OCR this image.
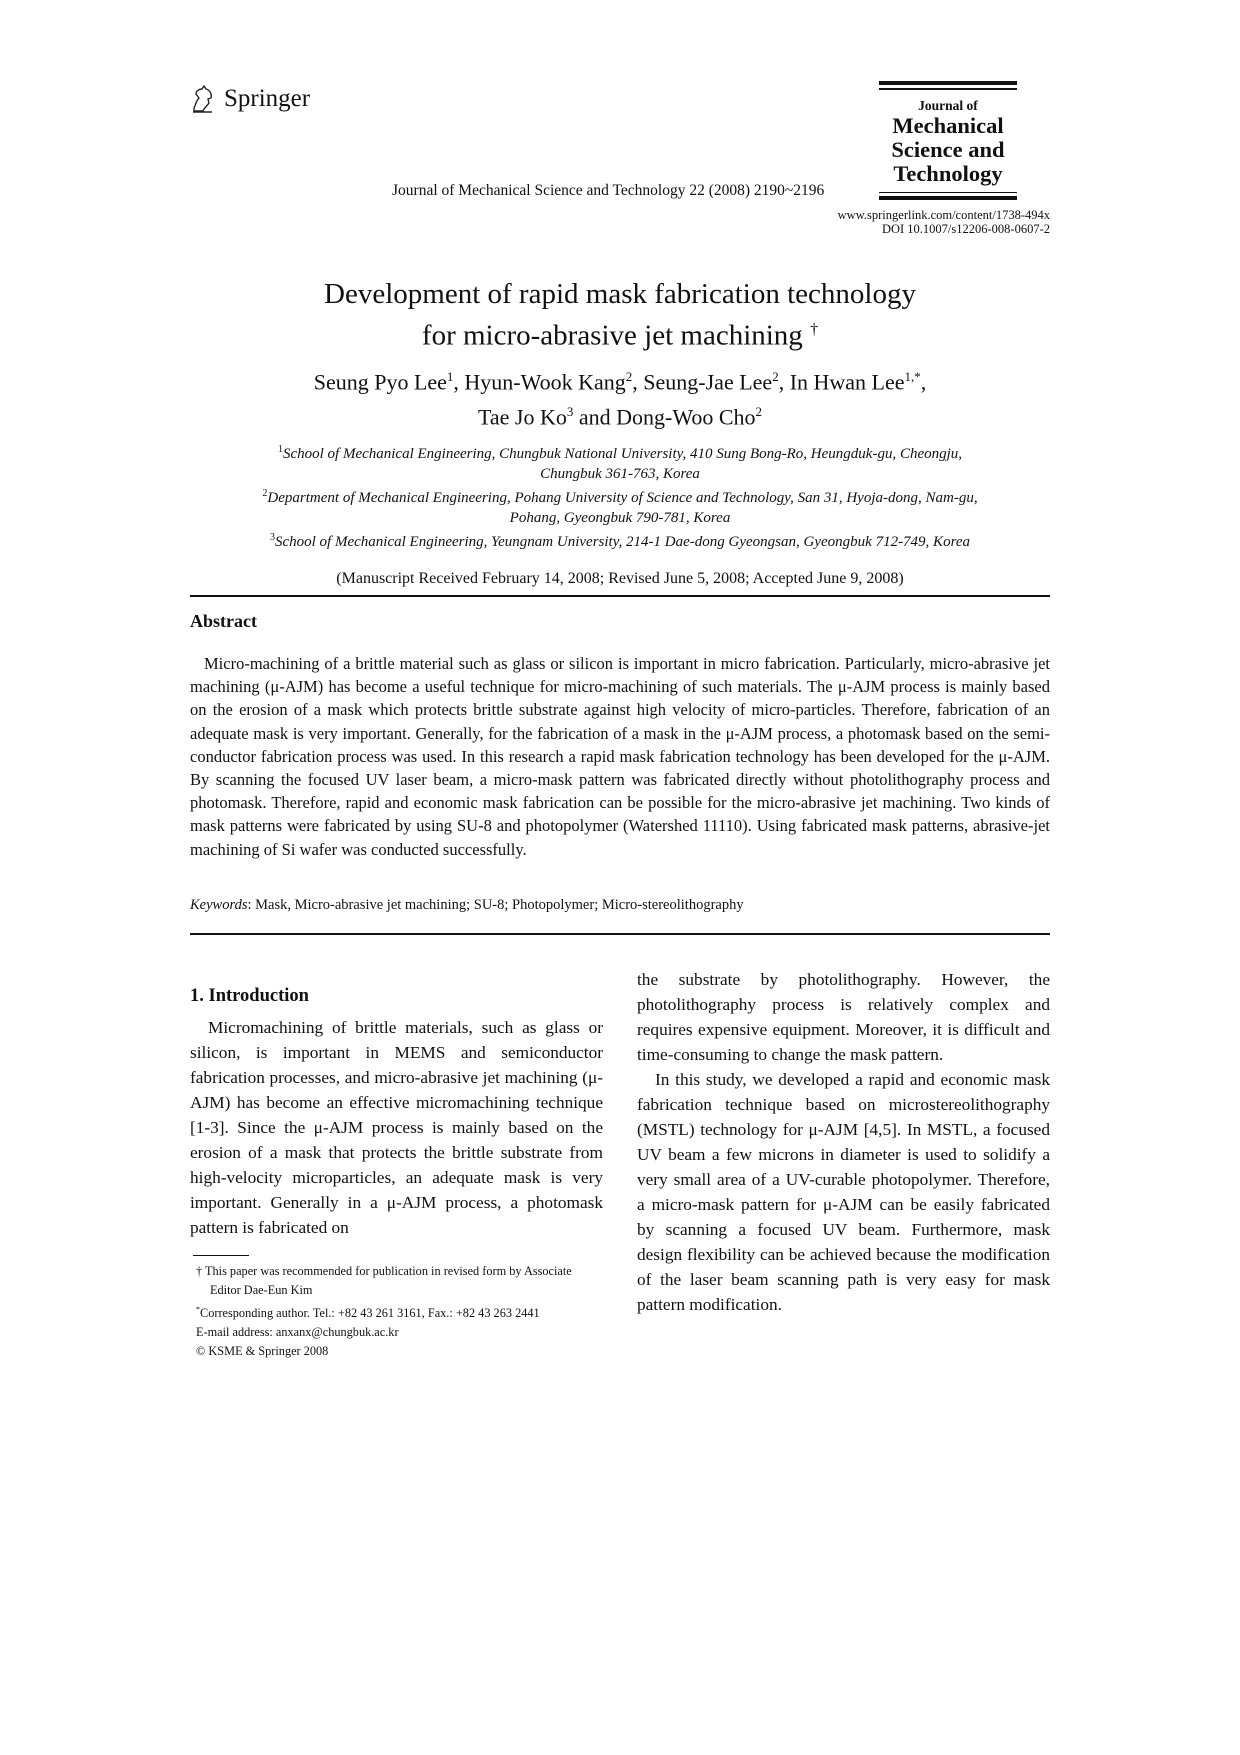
Springer
Journal of Mechanical Science and Technology 22 (2008) 2190~2196
Journal of
Mechanical
Science and
Technology
www.springerlink.com/content/1738-494x
DOI 10.1007/s12206-008-0607-2
Development of rapid mask fabrication technology
for micro-abrasive jet machining †
Seung Pyo Lee$^1$, Hyun-Wook Kang$^2$, Seung-Jae Lee$^2$, In Hwan Lee$^{1,*}$,
Tae Jo Ko$^3$ and Dong-Woo Cho$^2$
$^1$School of Mechanical Engineering, Chungbuk National University, 410 Sung Bong-Ro, Heungduk-gu, Cheongju,
Chungbuk 361-763, Korea
$^2$Department of Mechanical Engineering, Pohang University of Science and Technology, San 31, Hyoja-dong, Nam-gu,
Pohang, Gyeongbuk 790-781, Korea
$^3$School of Mechanical Engineering, Yeungnam University, 214-1 Dae-dong Gyeongsan, Gyeongbuk 712-749, Korea
(Manuscript Received February 14, 2008; Revised June 5, 2008; Accepted June 9, 2008)
Abstract
Micro-machining of a brittle material such as glass or silicon is important in micro fabrication. Particularly, micro-abrasive jet machining (μ-AJM) has become a useful technique for micro-machining of such materials. The μ-AJM process is mainly based on the erosion of a mask which protects brittle substrate against high velocity of micro-particles. Therefore, fabrication of an adequate mask is very important. Generally, for the fabrication of a mask in the μ-AJM process, a photomask based on the semi-conductor fabrication process was used. In this research a rapid mask fabrication technology has been developed for the μ-AJM. By scanning the focused UV laser beam, a micro-mask pattern was fabricated directly without photolithography process and photomask. Therefore, rapid and economic mask fabrication can be possible for the micro-abrasive jet machining. Two kinds of mask patterns were fabricated by using SU-8 and photopolymer (Watershed 11110). Using fabricated mask patterns, abrasive-jet machining of Si wafer was conducted successfully.
Keywords: Mask, Micro-abrasive jet machining; SU-8; Photopolymer; Micro-stereolithography
1. Introduction
Micromachining of brittle materials, such as glass or silicon, is important in MEMS and semiconductor fabrication processes, and micro-abrasive jet machining (μ-AJM) has become an effective micromachining technique [1-3]. Since the μ-AJM process is mainly based on the erosion of a mask that protects the brittle substrate from high-velocity microparticles, an adequate mask is very important. Generally in a μ-AJM process, a photomask pattern is fabricated on
the substrate by photolithography. However, the photolithography process is relatively complex and requires expensive equipment. Moreover, it is difficult and time-consuming to change the mask pattern.
In this study, we developed a rapid and economic mask fabrication technique based on microstereolithography (MSTL) technology for μ-AJM [4,5]. In MSTL, a focused UV beam a few microns in diameter is used to solidify a very small area of a UV-curable photopolymer. Therefore, a micro-mask pattern for μ-AJM can be easily fabricated by scanning a focused UV beam. Furthermore, mask design flexibility can be achieved because the modification of the laser beam scanning path is very easy for mask pattern modification.
† This paper was recommended for publication in revised form by Associate
Editor Dae-Eun Kim
*Corresponding author. Tel.: +82 43 261 3161, Fax.: +82 43 263 2441
E-mail address: anxanx@chungbuk.ac.kr
© KSME & Springer 2008
